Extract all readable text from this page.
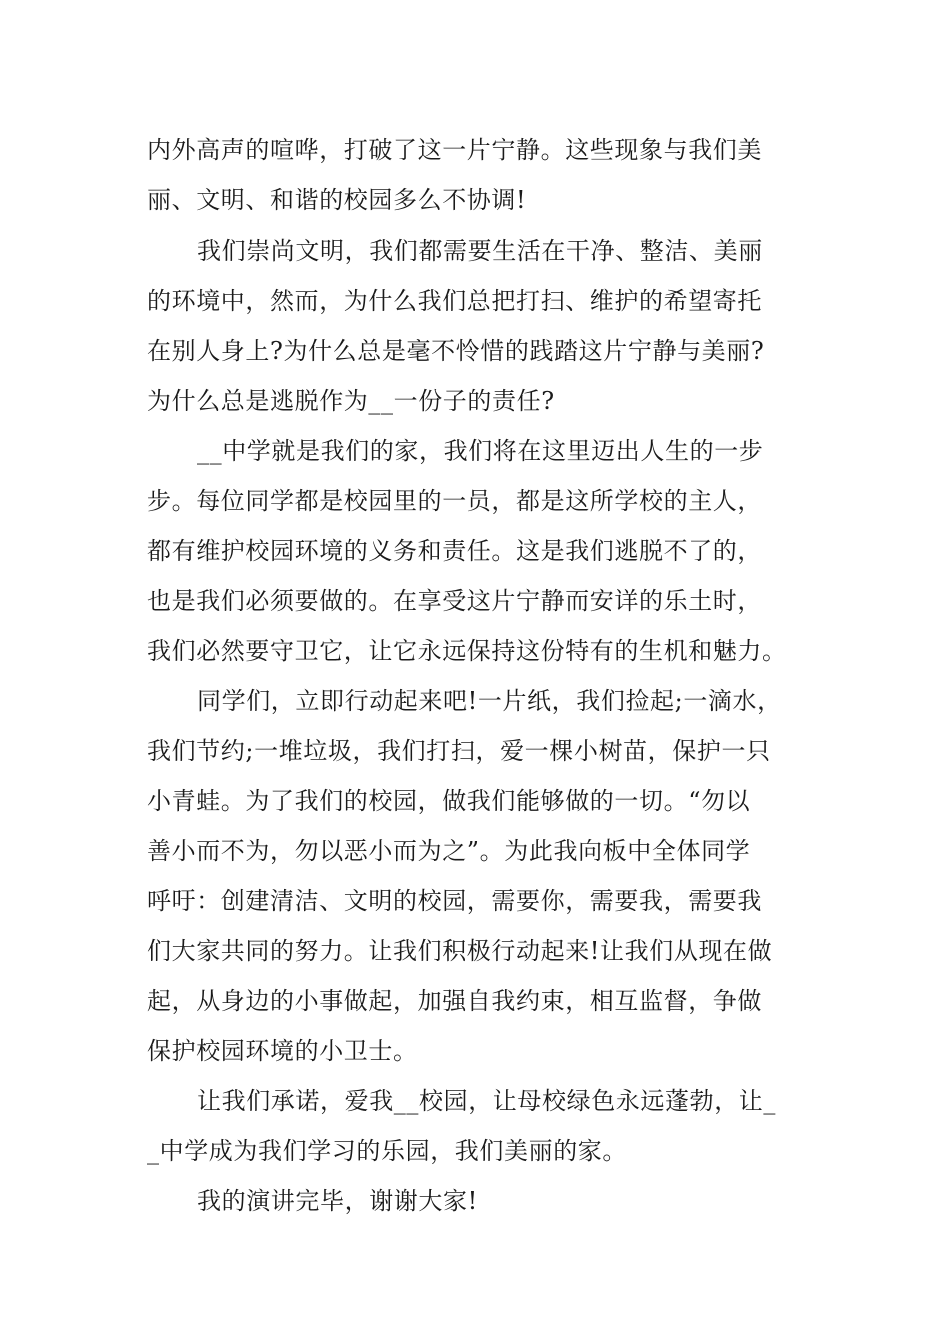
内外高声的喧哗，打破了这一片宁静。这些现象与我们美
丽、文明、和谐的校园多么不协调!
我们崇尚文明，我们都需要生活在干净、整洁、美丽
的环境中，然而，为什么我们总把打扫、维护的希望寄托
在别人身上?为什么总是毫不怜惜的践踏这片宁静与美丽?
为什么总是逃脱作为__一份子的责任?
__中学就是我们的家，我们将在这里迈出人生的一步
步。每位同学都是校园里的一员，都是这所学校的主人，
都有维护校园环境的义务和责任。这是我们逃脱不了的，
也是我们必须要做的。在享受这片宁静而安详的乐土时，
我们必然要守卫它，让它永远保持这份特有的生机和魅力。
同学们，立即行动起来吧!一片纸，我们捡起;一滴水，
我们节约;一堆垃圾，我们打扫，爱一棵小树苗，保护一只
小青蛙。为了我们的校园，做我们能够做的一切。“勿以
善小而不为，勿以恶小而为之”。为此我向板中全体同学
呼吁：创建清洁、文明的校园，需要你，需要我，需要我
们大家共同的努力。让我们积极行动起来!让我们从现在做
起，从身边的小事做起，加强自我约束，相互监督，争做
保护校园环境的小卫士。
让我们承诺，爱我__校园，让母校绿色永远蓬勃，让_
_中学成为我们学习的乐园，我们美丽的家。
我的演讲完毕，谢谢大家!
